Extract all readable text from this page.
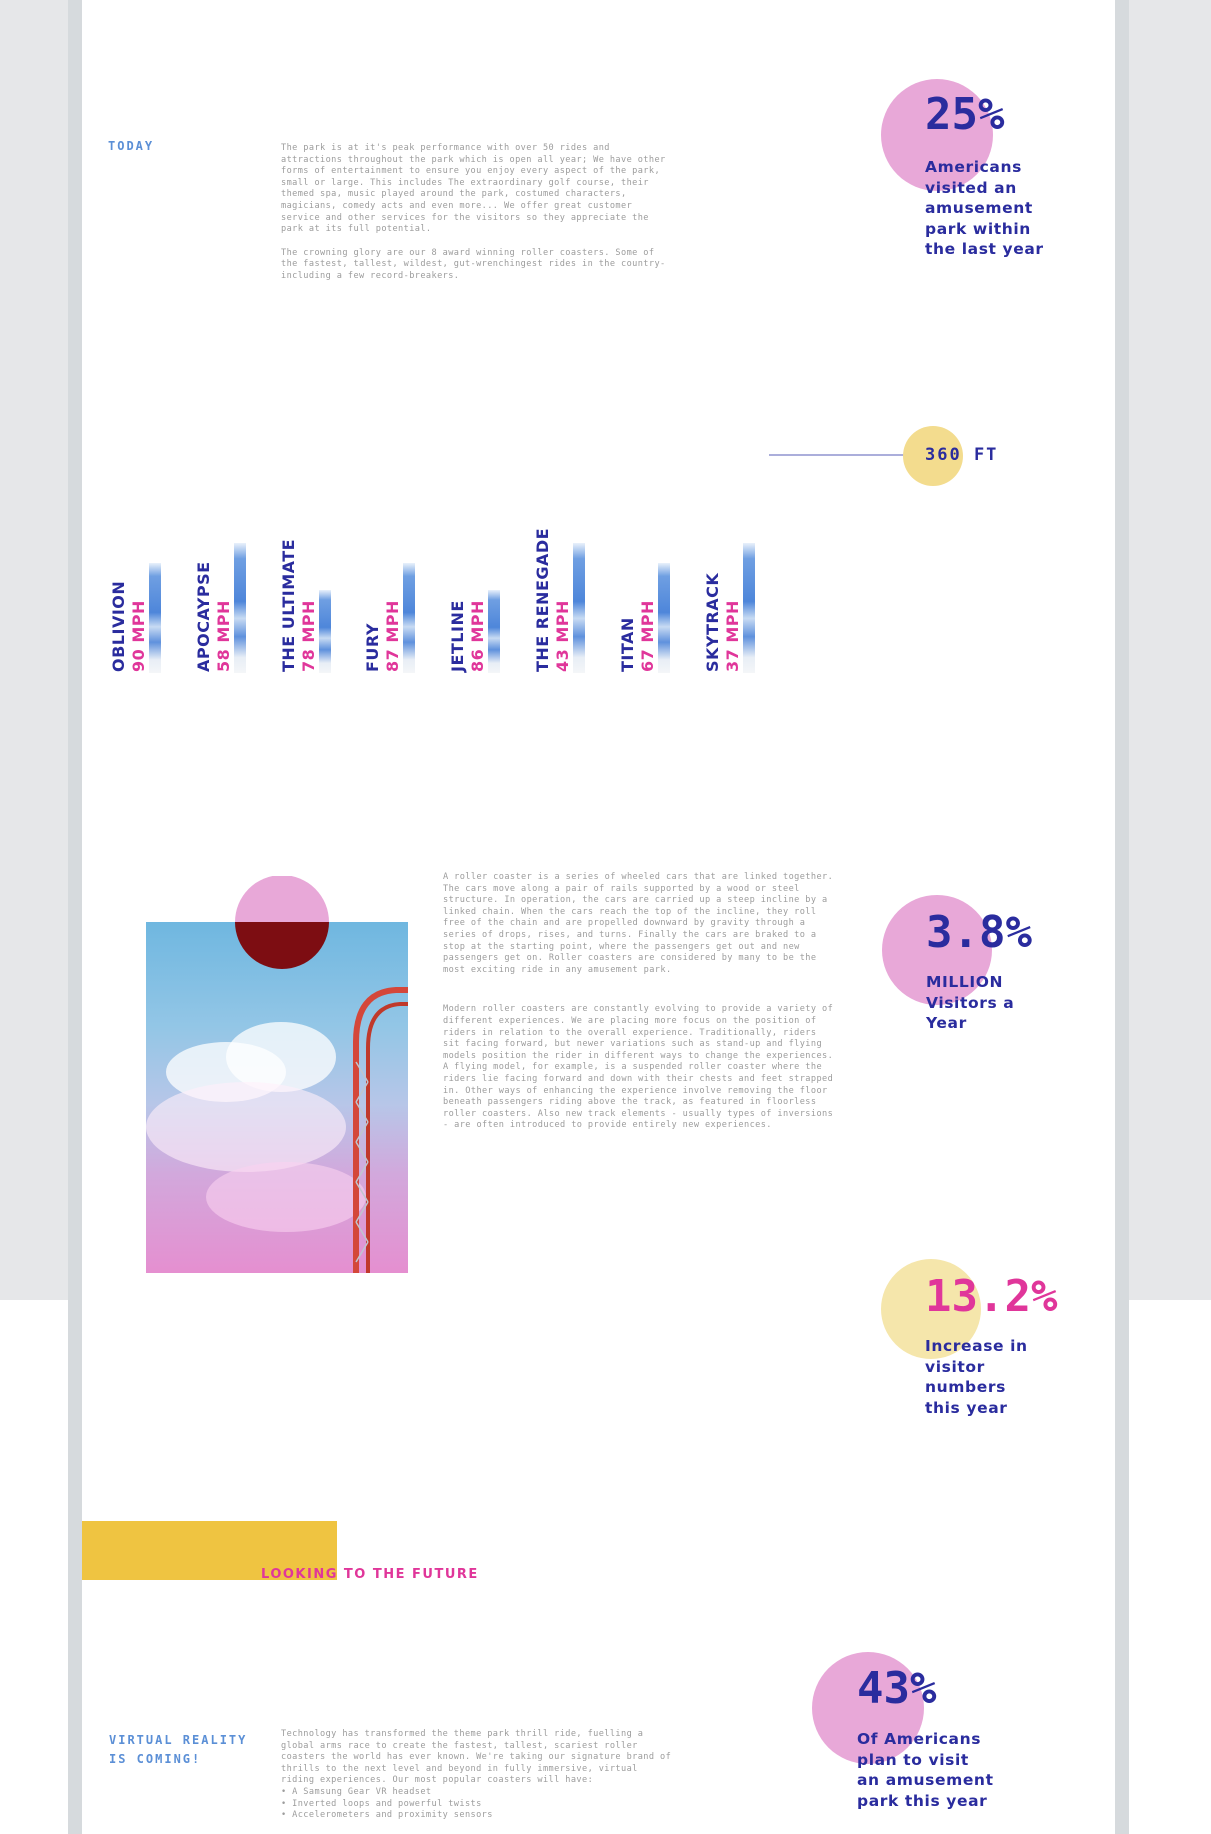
TODAY	The park is at it's peak performance with over 50 rides and attractions throughout the park which is open all year; We have other forms of entertainment to ensure you enjoy every aspect of the park, small or large. This includes The extraordinary golf course, their themed spa, music played around the park, costumed characters, magicians, comedy acts and even more... We offer great customer service and other services for the visitors so they appreciate the park at its full potential.

The crowning glory are our 8 award winning roller coasters. Some of the fastest, tallest, wildest, gut-wrenchingest rides in the country-including a few record-breakers.

25%
Americans visited an amusement park within the last year
360 FT
OBLIVION 90 MPH	APOCAYPSE 58 MPH	THE ULTIMATE 78 MPH	FURY 87 MPH	JETLINE 86 MPH	THE RENEGADE 43 MPH	TITAN 67 MPH	SKYTRACK 37 MPH

A roller coaster is a series of wheeled cars that are linked together. The cars move along a pair of rails supported by a wood or steel structure. In operation, the cars are carried up a steep incline by a linked chain. When the cars reach the top of the incline, they roll free of the chain and are propelled downward by gravity through a series of drops, rises, and turns. Finally the cars are braked to a stop at the starting point, where the passengers get out and new passengers get on. Roller coasters are considered by many to be the most exciting ride in any amusement park.

Modern roller coasters are constantly evolving to provide a variety of different experiences. We are placing more focus on the position of riders in relation to the overall experience. Traditionally, riders sit facing forward, but newer variations such as stand-up and flying models position the rider in different ways to change the experiences. A flying model, for example, is a suspended roller coaster where the riders lie facing forward and down with their chests and feet strapped in. Other ways of enhancing the experience involve removing the floor beneath passengers riding above the track, as featured in floorless roller coasters. Also new track elements - usually types of inversions - are often introduced to provide entirely new experiences.

3.8%
MILLION Visitors a Year
13.2%
Increase in visitor numbers this year
LOOKING TO THE FUTURE
43%
Of Americans plan to visit an amusement park this year
VIRTUAL REALITY
IS COMING!
Technology has transformed the theme park thrill ride, fuelling a global arms race to create the fastest, tallest, scariest roller coasters the world has ever known. We're taking our signature brand of thrills to the next level and beyond in fully immersive, virtual riding experiences. Our most popular coasters will have:
• A Samsung Gear VR headset
• Inverted loops and powerful twists
• Accelerometers and proximity sensors
